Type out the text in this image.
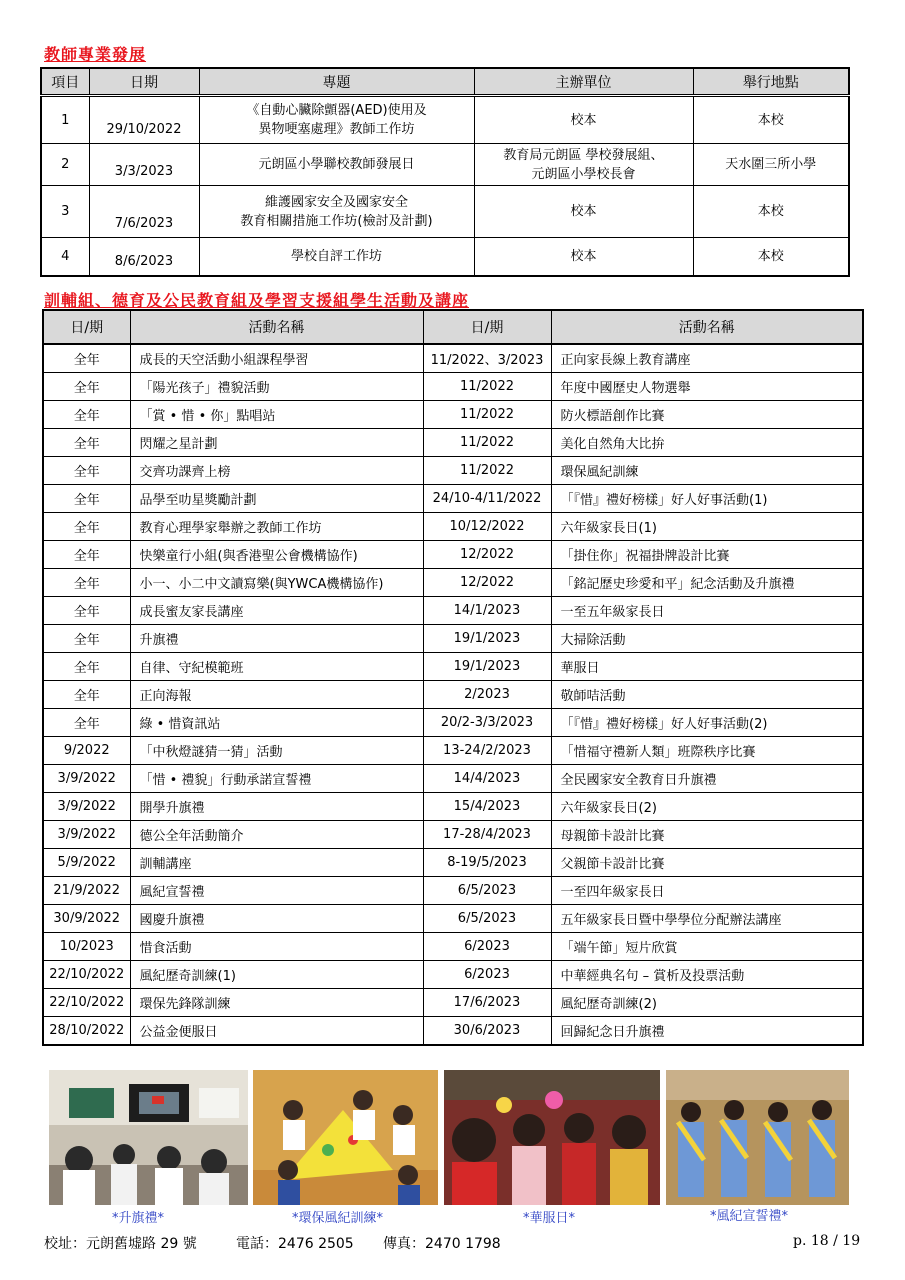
教師專業發展
項目	日期	專題	主辦單位	舉行地點
1	29/10/2022	《自動心臟除顫器(AED)使用及
異物哽塞處理》教師工作坊	校本	本校
2	3/3/2023	元朗區小學聯校教師發展日	教育局元朗區 學校發展組、
元朗區小學校長會	天水圍三所小學
3	7/6/2023	維護國家安全及國家安全
教育相關措施工作坊(檢討及計劃)	校本	本校
4	8/6/2023	學校自評工作坊	校本	本校
訓輔組、德育及公民教育組及學習支援組學生活動及講座
日/期	活動名稱	日/期	活動名稱
全年	成長的天空活動小組課程學習	11/2022、3/2023	正向家長線上教育講座
全年	「陽光孩子」禮貌活動	11/2022	年度中國歷史人物選舉
全年	「賞 • 惜 • 你」點唱站	11/2022	防火標語創作比賽
全年	閃耀之星計劃	11/2022	美化自然角大比拚
全年	交齊功課齊上榜	11/2022	環保風紀訓練
全年	品學至叻星獎勵計劃	24/10-4/11/2022	「『惜』禮好榜樣」好人好事活動(1)
全年	教育心理學家舉辦之教師工作坊	10/12/2022	六年級家長日(1)
全年	快樂童行小組(與香港聖公會機構協作)	12/2022	「掛住你」祝福掛牌設計比賽
全年	小一、小二中文讀寫樂(與YWCA機構協作)	12/2022	「銘記歷史珍愛和平」紀念活動及升旗禮
全年	成長蜜友家長講座	14/1/2023	一至五年級家長日
全年	升旗禮	19/1/2023	大掃除活動
全年	自律、守紀模範班	19/1/2023	華服日
全年	正向海報	2/2023	敬師咭活動
全年	綠 • 惜資訊站	20/2-3/3/2023	「『惜』禮好榜樣」好人好事活動(2)
9/2022	「中秋燈謎猜一猜」活動	13-24/2/2023	「惜福守禮新人類」班際秩序比賽
3/9/2022	「惜 • 禮貌」行動承諾宣誓禮	14/4/2023	全民國家安全教育日升旗禮
3/9/2022	開學升旗禮	15/4/2023	六年級家長日(2)
3/9/2022	德公全年活動簡介	17-28/4/2023	母親節卡設計比賽
5/9/2022	訓輔講座	8-19/5/2023	父親節卡設計比賽
21/9/2022	風紀宣誓禮	6/5/2023	一至四年級家長日
30/9/2022	國慶升旗禮	6/5/2023	五年級家長日暨中學學位分配辦法講座
10/2023	惜食活動	6/2023	「端午節」短片欣賞
22/10/2022	風紀歷奇訓練(1)	6/2023	中華經典名句 – 賞析及投票活動
22/10/2022	環保先鋒隊訓練	17/6/2023	風紀歷奇訓練(2)
28/10/2022	公益金便服日	30/6/2023	回歸紀念日升旗禮
*升旗禮*	*環保風紀訓練*	*華服日*	*風紀宣誓禮*
校址：元朗舊墟路 29 號	電話：2476 2505 傳真：2470 1798	p. 18 / 19
